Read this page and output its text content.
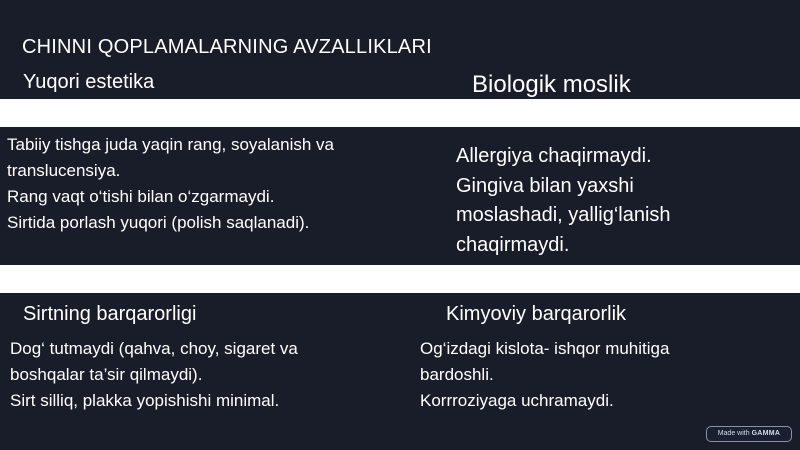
CHINNI QOPLAMALARNING AVZALLIKLARI
Yuqori estetika	Biologik moslik
Tabiiy tishga juda yaqin rang, soyalanish va
translucensiya.
Rang vaqt o‘tishi bilan o‘zgarmaydi.
Sirtida porlash yuqori (polish saqlanadi).
Allergiya chaqirmaydi.
Gingiva bilan yaxshi
moslashadi, yallig‘lanish
chaqirmaydi.
Sirtning barqarorligi	Kimyoviy barqarorlik
Dog‘ tutmaydi (qahva, choy, sigaret va
boshqalar ta’sir qilmaydi).
Sirt silliq, plakka yopishishi minimal.
Og‘izdagi kislota- ishqor muhitiga
bardoshli.
Korrroziyaga uchramaydi.
Made with GAMMA
